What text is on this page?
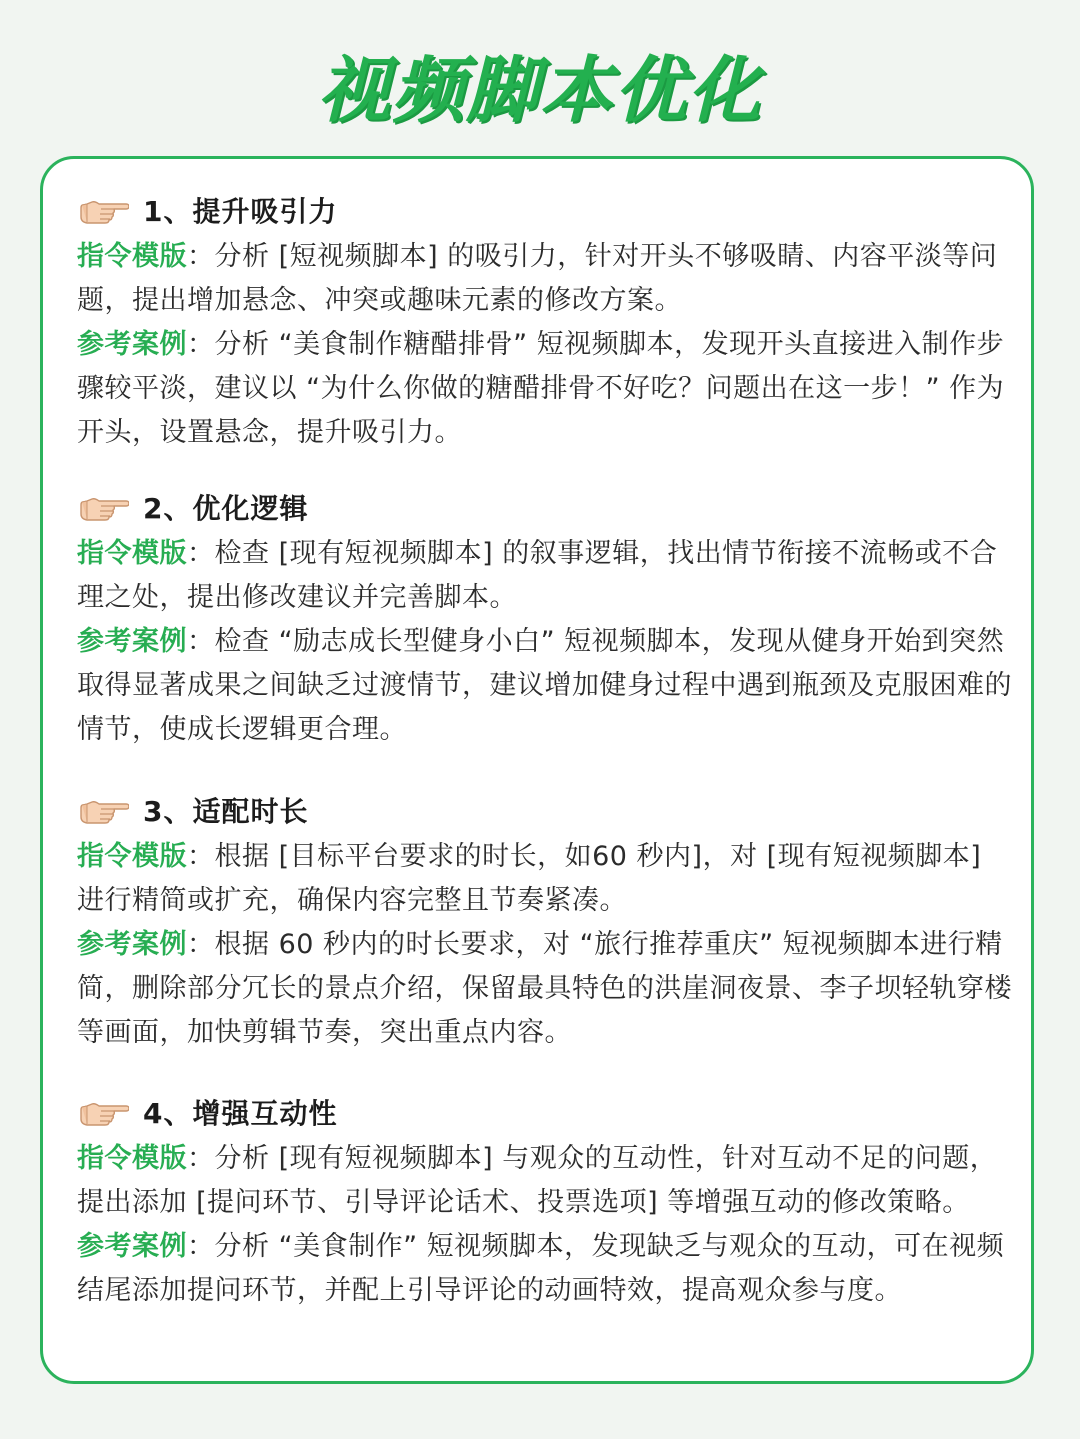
视频脚本优化
1、提升吸引力

指令模版：分析 [短视频脚本] 的吸引力，针对开头不够吸睛、内容平淡等问题，提出增加悬念、冲突或趣味元素的修改方案。

参考案例：分析 “美食制作糖醋排骨” 短视频脚本，发现开头直接进入制作步骤较平淡，建议以 “为什么你做的糖醋排骨不好吃？问题出在这一步！” 作为开头，设置悬念，提升吸引力。

2、优化逻辑

指令模版：检查 [现有短视频脚本] 的叙事逻辑，找出情节衔接不流畅或不合理之处，提出修改建议并完善脚本。

参考案例：检查 “励志成长型健身小白” 短视频脚本，发现从健身开始到突然取得显著成果之间缺乏过渡情节，建议增加健身过程中遇到瓶颈及克服困难的情节，使成长逻辑更合理。

3、适配时长

指令模版：根据 [目标平台要求的时长，如60 秒内]，对 [现有短视频脚本] 进行精简或扩充，确保内容完整且节奏紧凑。

参考案例：根据 60 秒内的时长要求，对 “旅行推荐重庆” 短视频脚本进行精简，删除部分冗长的景点介绍，保留最具特色的洪崖洞夜景、李子坝轻轨穿楼等画面，加快剪辑节奏，突出重点内容。

4、增强互动性

指令模版：分析 [现有短视频脚本] 与观众的互动性，针对互动不足的问题，提出添加 [提问环节、引导评论话术、投票选项] 等增强互动的修改策略。

参考案例：分析 “美食制作” 短视频脚本，发现缺乏与观众的互动，可在视频结尾添加提问环节，并配上引导评论的动画特效，提高观众参与度。
